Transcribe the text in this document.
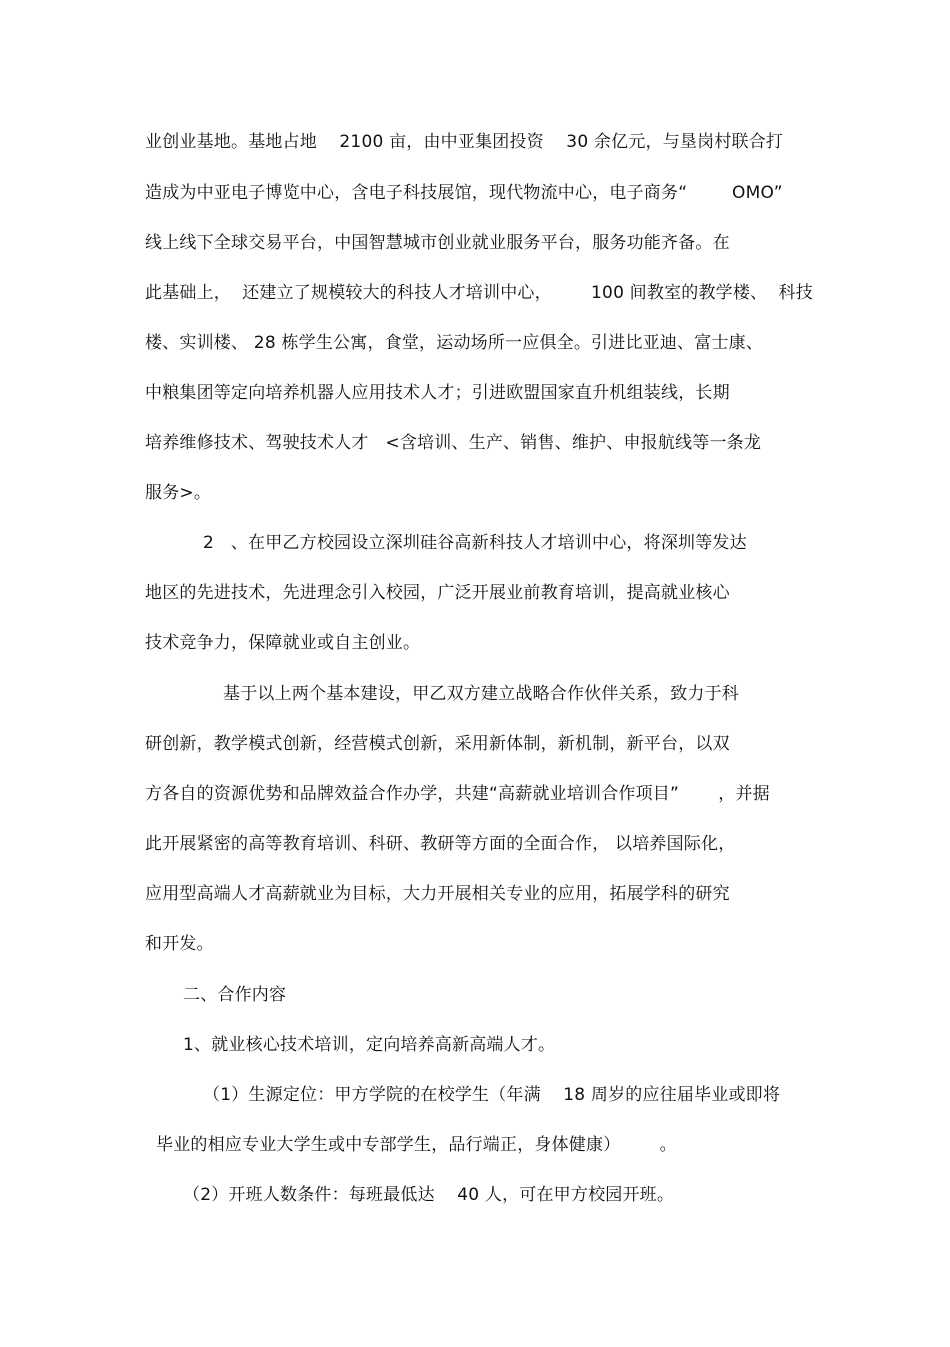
业创业基地。基地占地    2100 亩，由中亚集团投资    30 余亿元，与垦岗村联合打
造成为中亚电子博览中心，含电子科技展馆，现代物流中心，电子商务“        OMO”
线上线下全球交易平台，中国智慧城市创业就业服务平台，服务功能齐备。在
此基础上，  还建立了规模较大的科技人才培训中心，       100 间教室的教学楼、  科技
楼、实训楼、 28 栋学生公寓，食堂，运动场所一应俱全。引进比亚迪、富士康、
中粮集团等定向培养机器人应用技术人才；引进欧盟国家直升机组装线，长期
培养维修技术、驾驶技术人才   <含培训、生产、销售、维护、申报航线等一条龙
服务>。
2   、在甲乙方校园设立深圳硅谷高新科技人才培训中心，将深圳等发达
地区的先进技术，先进理念引入校园，广泛开展业前教育培训，提高就业核心
技术竞争力，保障就业或自主创业。
基于以上两个基本建设，甲乙双方建立战略合作伙伴关系，致力于科
研创新，教学模式创新，经营模式创新，采用新体制，新机制，新平台，以双
方各自的资源优势和品牌效益合作办学，共建“高薪就业培训合作项目”       ，并据
此开展紧密的高等教育培训、科研、教研等方面的全面合作， 以培养国际化，
应用型高端人才高薪就业为目标，大力开展相关专业的应用，拓展学科的研究
和开发。
二、合作内容
1、就业核心技术培训，定向培养高新高端人才。
（1）生源定位：甲方学院的在校学生（年满    18 周岁的应往届毕业或即将
毕业的相应专业大学生或中专部学生，品行端正，身体健康）       。
（2）开班人数条件：每班最低达    40 人，可在甲方校园开班。
